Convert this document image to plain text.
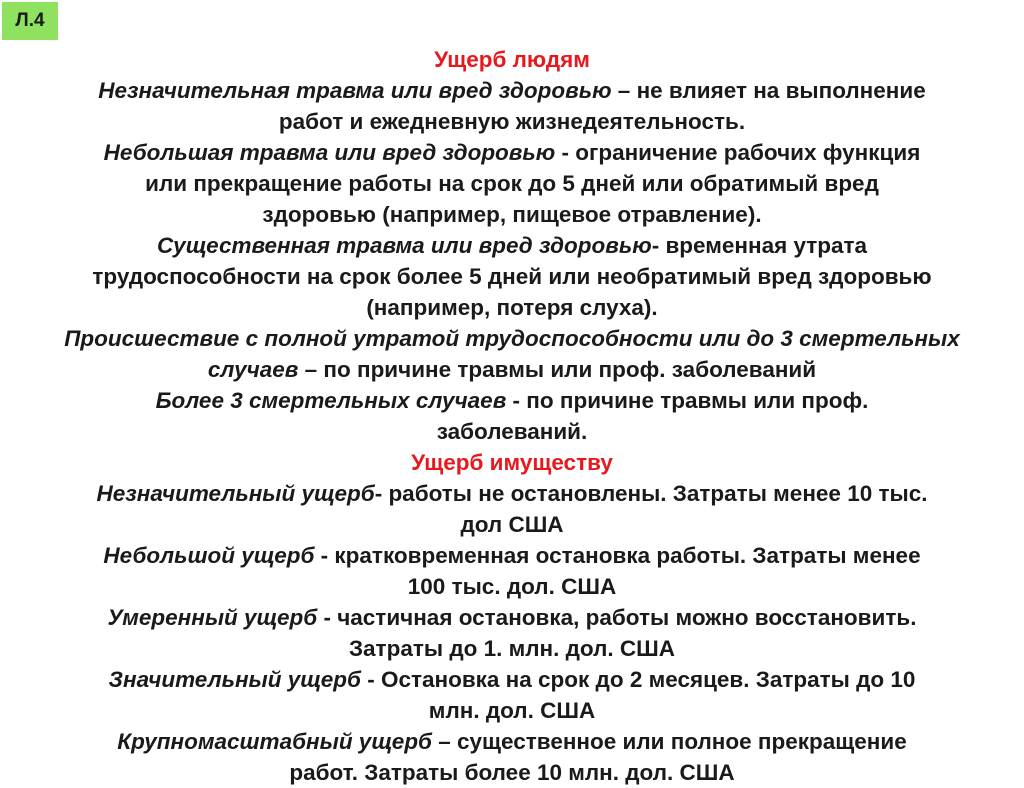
Л.4
Ущерб людям
Незначительная травма или вред здоровью – не влияет на выполнение
работ и ежедневную жизнедеятельность.
Небольшая травма или вред здоровью - ограничение рабочих функция
или прекращение работы на срок до 5 дней или обратимый вред
здоровью (например, пищевое отравление).
Существенная травма или вред здоровью- временная утрата
трудоспособности на срок более 5 дней или необратимый вред здоровью
(например, потеря слуха).
Происшествие с полной утратой трудоспособности или до 3 смертельных
случаев – по причине травмы или проф. заболеваний
Более 3 смертельных случаев - по причине травмы или проф.
заболеваний.
Ущерб имуществу
Незначительный ущерб- работы не остановлены. Затраты менее 10 тыс.
дол США
Небольшой ущерб - кратковременная остановка работы. Затраты менее
100 тыс. дол. США
Умеренный ущерб - частичная остановка, работы можно восстановить.
Затраты до 1. млн. дол. США
Значительный ущерб - Остановка на срок до 2 месяцев. Затраты до 10
млн. дол. США
Крупномасштабный ущерб – существенное или полное прекращение
работ. Затраты более 10 млн. дол. США
